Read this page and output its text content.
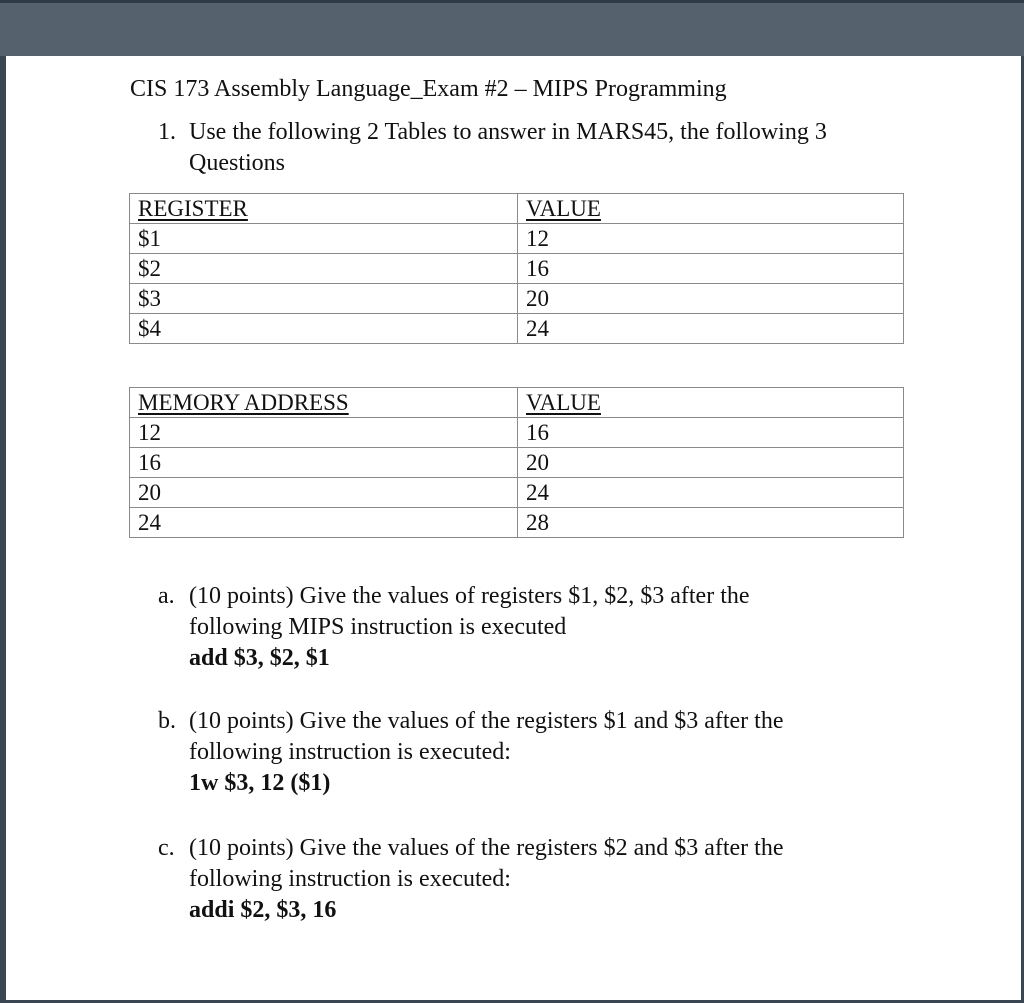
CIS 173 Assembly Language_Exam #2 – MIPS Programming
1. Use the following 2 Tables to answer in MARS45, the following 3 Questions
REGISTER	VALUE
$1	12
$2	16
$3	20
$4	24
MEMORY ADDRESS	VALUE
12	16
16	20
20	24
24	28
a. (10 points) Give the values of registers $1, $2, $3 after the
following MIPS instruction is executed
add $3, $2, $1
b. (10 points) Give the values of the registers $1 and $3 after the
following instruction is executed:
1w $3, 12 ($1)
c. (10 points) Give the values of the registers $2 and $3 after the
following instruction is executed:
addi $2, $3, 16
